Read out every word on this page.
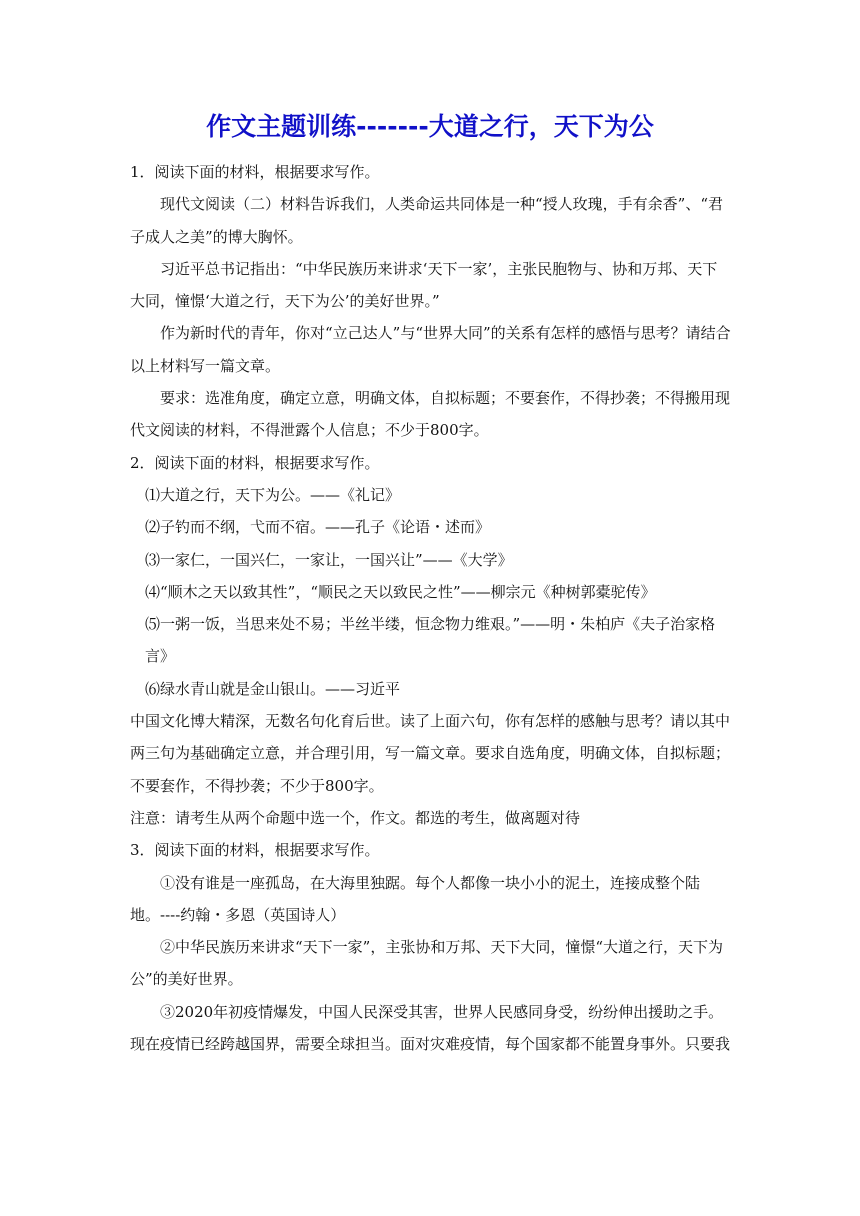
作文主题训练-------大道之行，天下为公

1．阅读下面的材料，根据要求写作。

现代文阅读（二）材料告诉我们，人类命运共同体是一种“授人玫瑰，手有余香”、“君子成人之美”的博大胸怀。

习近平总书记指出：“中华民族历来讲求‘天下一家’，主张民胞物与、协和万邦、天下大同，憧憬‘大道之行，天下为公’的美好世界。”

作为新时代的青年，你对“立己达人”与“世界大同”的关系有怎样的感悟与思考？请结合以上材料写一篇文章。

要求：选准角度，确定立意，明确文体，自拟标题；不要套作，不得抄袭；不得搬用现代文阅读的材料，不得泄露个人信息；不少于800字。

2．阅读下面的材料，根据要求写作。

⑴大道之行，天下为公。——《礼记》

⑵子钓而不纲，弋而不宿。——孔子《论语・述而》

⑶一家仁，一国兴仁，一家让，一国兴让”——《大学》

⑷“顺木之天以致其性”，“顺民之天以致民之性”——柳宗元《种树郭橐驼传》

⑸一粥一饭，当思来处不易；半丝半缕，恒念物力维艰。”——明・朱柏庐《夫子治家格言》

⑹绿水青山就是金山银山。——习近平

中国文化博大精深，无数名句化育后世。读了上面六句，你有怎样的感触与思考？请以其中两三句为基础确定立意，并合理引用，写一篇文章。要求自选角度，明确文体，自拟标题；不要套作，不得抄袭；不少于800字。

注意：请考生从两个命题中选一个，作文。都选的考生，做离题对待

3．阅读下面的材料，根据要求写作。

①没有谁是一座孤岛，在大海里独踞。每个人都像一块小小的泥土，连接成整个陆地。----约翰・多恩（英国诗人）

②中华民族历来讲求“天下一家”，主张协和万邦、天下大同，憧憬“大道之行，天下为公”的美好世界。

③2020年初疫情爆发，中国人民深受其害，世界人民感同身受，纷纷伸出援助之手。现在疫情已经跨越国界，需要全球担当。面对灾难疫情，每个国家都不能置身事外。只要我
